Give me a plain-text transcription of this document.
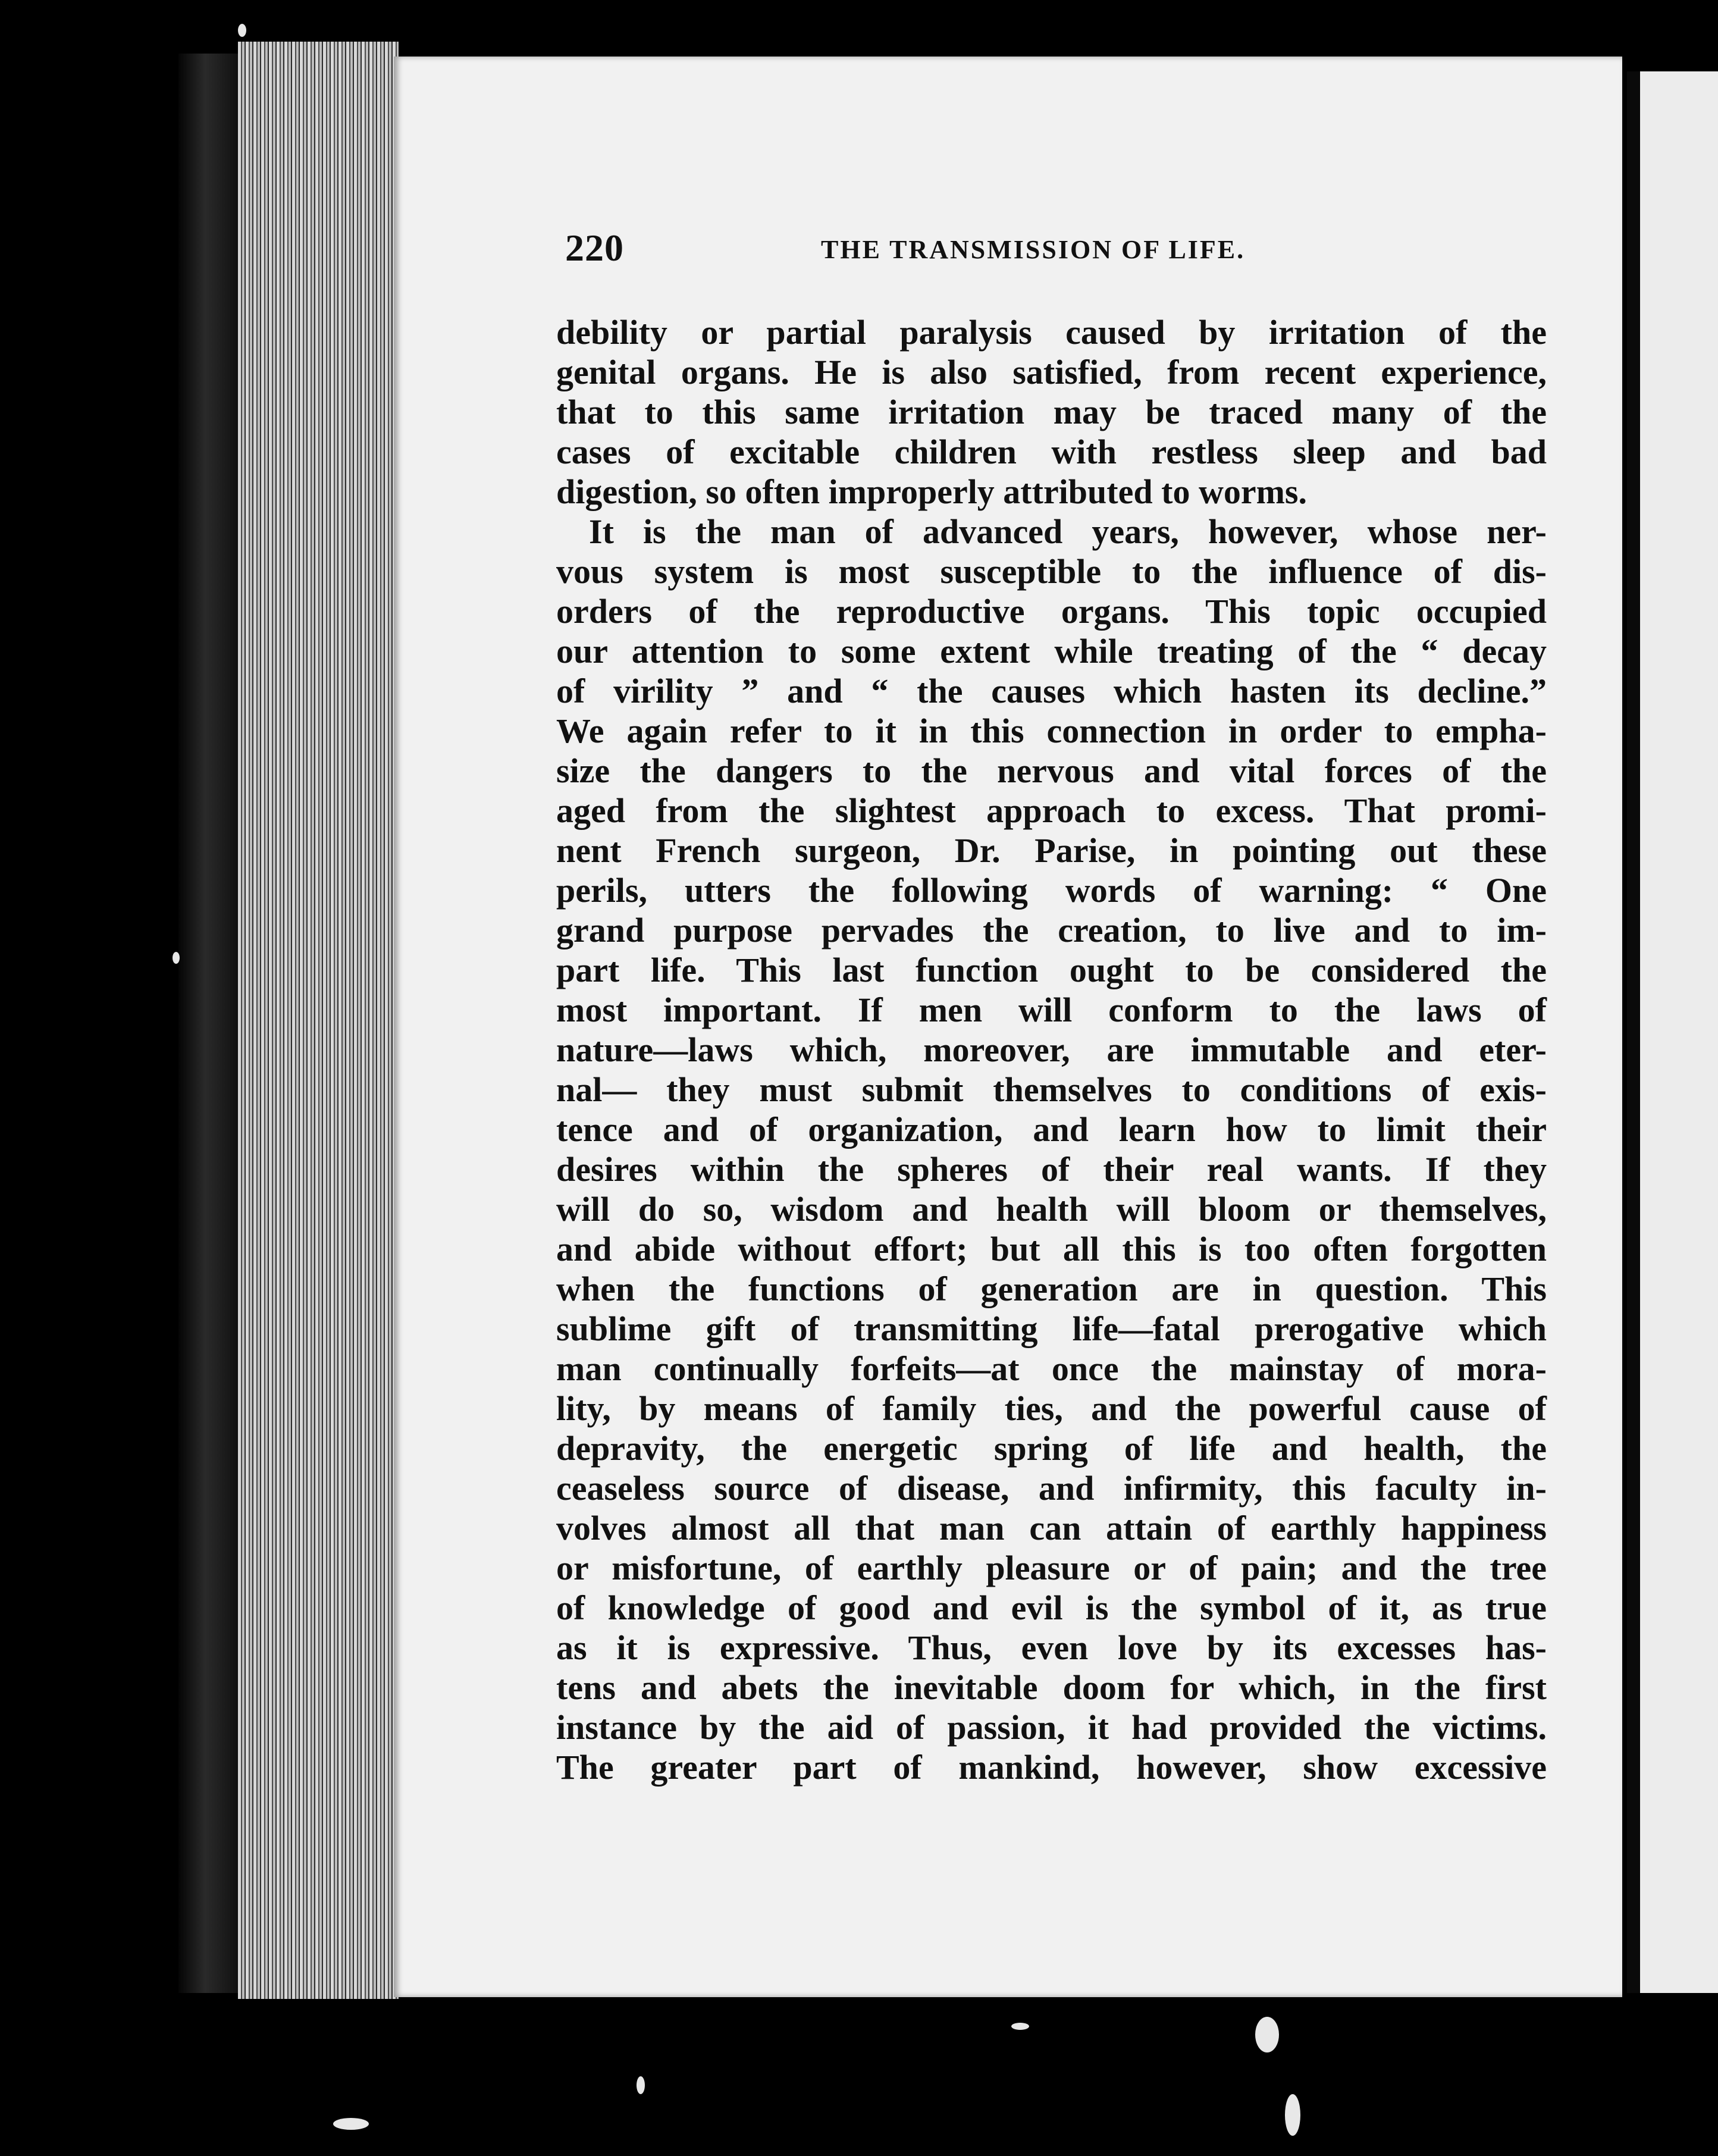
220	THE TRANSMISSION OF LIFE.
debility or partial paralysis caused by irritation of the
genital organs. He is also satisfied, from recent experience,
that to this same irritation may be traced many of the
cases of excitable children with restless sleep and bad
digestion, so often improperly attributed to worms.
It is the man of advanced years, however, whose ner-
vous system is most susceptible to the influence of dis-
orders of the reproductive organs. This topic occupied
our attention to some extent while treating of the “ decay
of virility ” and “ the causes which hasten its decline.”
We again refer to it in this connection in order to empha-
size the dangers to the nervous and vital forces of the
aged from the slightest approach to excess. That promi-
nent French surgeon, Dr. Parise, in pointing out these
perils, utters the following words of warning: “ One
grand purpose pervades the creation, to live and to im-
part life. This last function ought to be considered the
most important. If men will conform to the laws of
nature—laws which, moreover, are immutable and eter-
nal— they must submit themselves to conditions of exis-
tence and of organization, and learn how to limit their
desires within the spheres of their real wants. If they
will do so, wisdom and health will bloom or themselves,
and abide without effort; but all this is too often forgotten
when the functions of generation are in question. This
sublime gift of transmitting life—fatal prerogative which
man continually forfeits—at once the mainstay of mora-
lity, by means of family ties, and the powerful cause of
depravity, the energetic spring of life and health, the
ceaseless source of disease, and infirmity, this faculty in-
volves almost all that man can attain of earthly happiness
or misfortune, of earthly pleasure or of pain; and the tree
of knowledge of good and evil is the symbol of it, as true
as it is expressive. Thus, even love by its excesses has-
tens and abets the inevitable doom for which, in the first
instance by the aid of passion, it had provided the victims.
The greater part of mankind, however, show excessive
